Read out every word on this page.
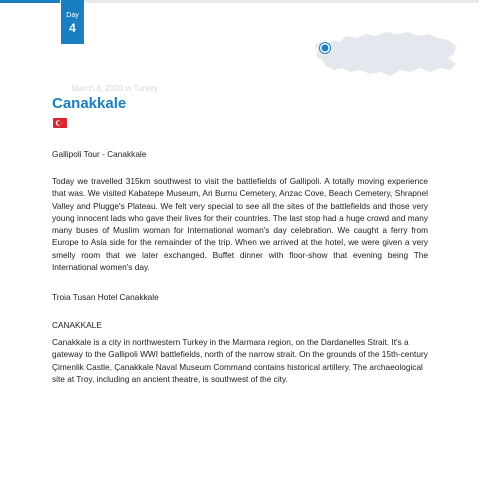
Day
4
March 8, 2020 in Turkey
Canakkale
Gallipoli Tour - Canakkale
Today we travelled 315km southwest to visit the battlefields of Gallipoli. A totally moving experience that was. We visited Kabatepe Museum, Ari Burnu Cemetery, Anzac Cove, Beach Cemetery, Shrapnel Valley and Plugge's Plateau. We felt very special to see all the sites of the battlefields and those very young innocent lads who gave their lives for their countries. The last stop had a huge crowd and many many buses of Muslim woman for International woman's day celebration. We caught a ferry from Europe to Asia side for the remainder of the trip. When we arrived at the hotel, we were given a very smelly room that we later exchanged. Buffet dinner with floor-show that evening being The International women's day.
Troia Tusan Hotel Canakkale
CANAKKALE
Canakkale is a city in northwestern Turkey in the Marmara region, on the Dardanelles Strait. It's a gateway to the Gallipoli WWI battlefields, north of the narrow strait. On the grounds of the 15th-century Çimenlik Castle, Çanakkale Naval Museum Command contains historical artillery. The archaeological site at Troy, including an ancient theatre, is southwest of the city.
